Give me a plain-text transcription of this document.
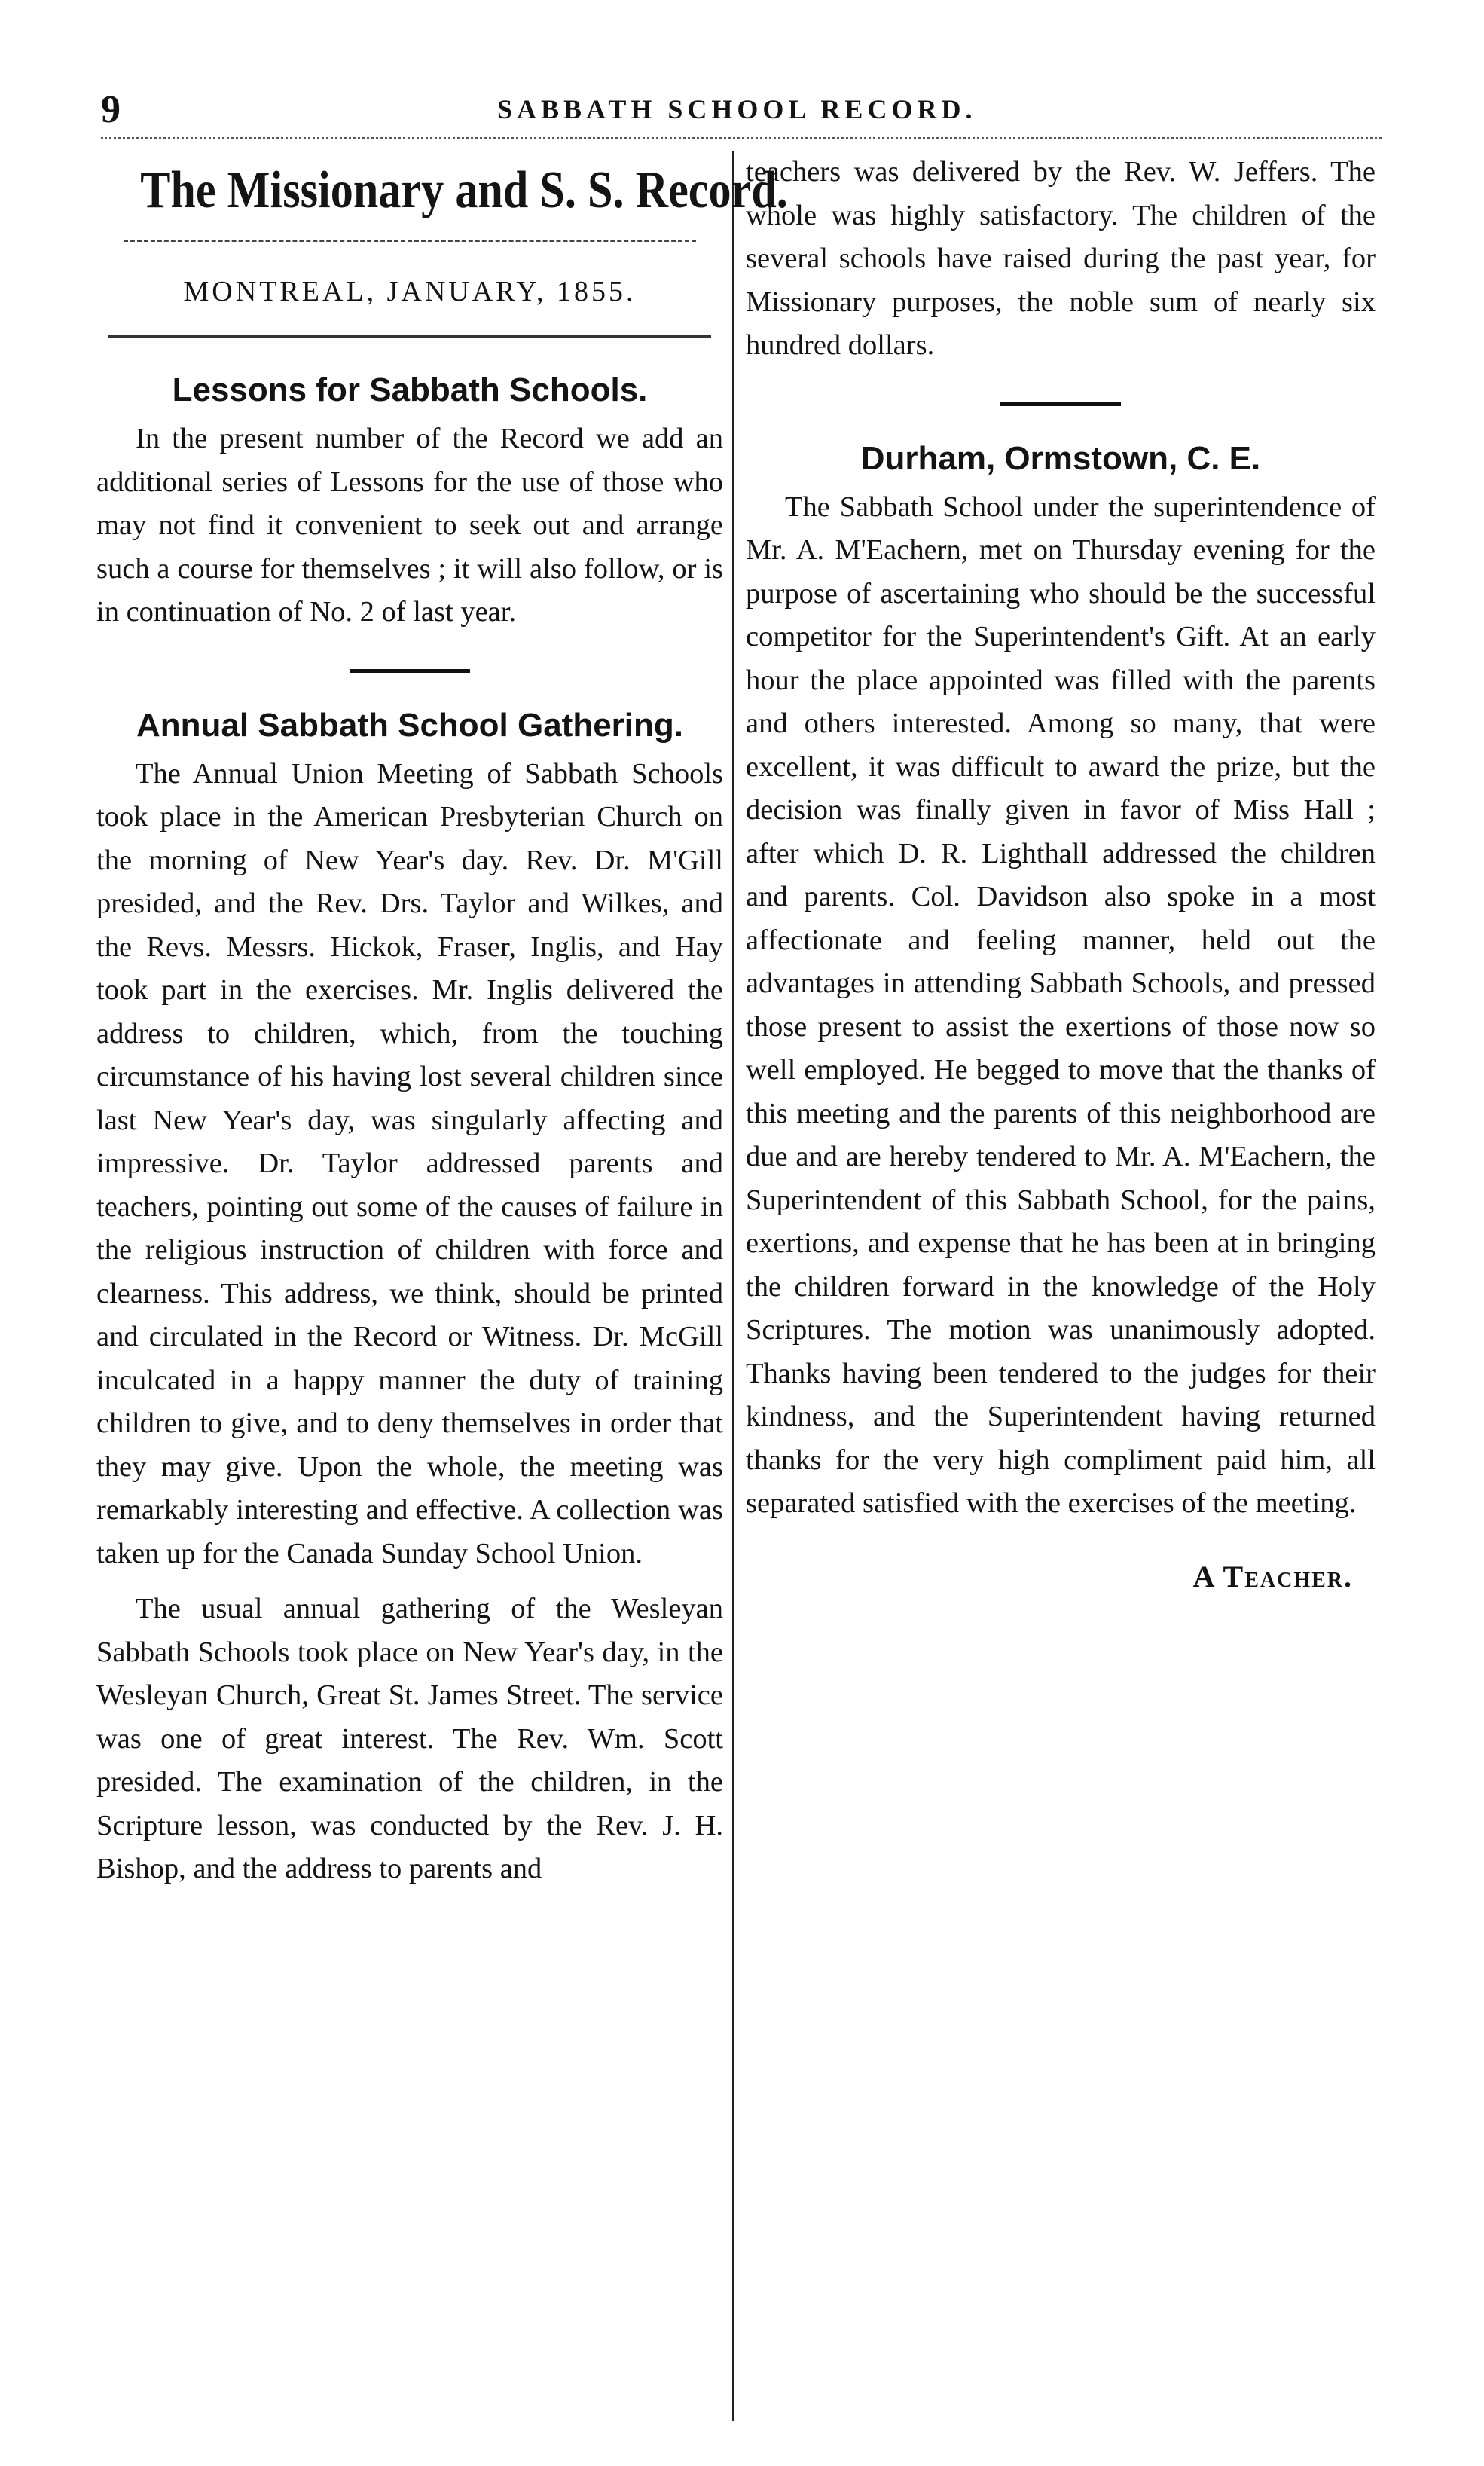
9	SABBATH SCHOOL RECORD.
The Missionary and S. S. Record.
MONTREAL, JANUARY, 1855.
Lessons for Sabbath Schools.

In the present number of the Record we add an additional series of Lessons for the use of those who may not find it convenient to seek out and arrange such a course for themselves ; it will also follow, or is in continuation of No. 2 of last year.

Annual Sabbath School Gathering.

The Annual Union Meeting of Sabbath Schools took place in the American Presbyterian Church on the morning of New Year's day. Rev. Dr. M'Gill presided, and the Rev. Drs. Taylor and Wilkes, and the Revs. Messrs. Hickok, Fraser, Inglis, and Hay took part in the exercises. Mr. Inglis delivered the address to children, which, from the touching circumstance of his having lost several children since last New Year's day, was singularly affecting and impressive. Dr. Taylor addressed parents and teachers, pointing out some of the causes of failure in the religious instruction of children with force and clearness. This address, we think, should be printed and circulated in the Record or Witness. Dr. McGill inculcated in a happy manner the duty of training children to give, and to deny themselves in order that they may give. Upon the whole, the meeting was remarkably interesting and effective. A collection was taken up for the Canada Sunday School Union.

The usual annual gathering of the Wesleyan Sabbath Schools took place on New Year's day, in the Wesleyan Church, Great St. James Street. The service was one of great interest. The Rev. Wm. Scott presided. The examination of the children, in the Scripture lesson, was conducted by the Rev. J. H. Bishop, and the address to parents and

teachers was delivered by the Rev. W. Jeffers. The whole was highly satisfactory. The children of the several schools have raised during the past year, for Missionary purposes, the noble sum of nearly six hundred dollars.

Durham, Ormstown, C. E.

The Sabbath School under the superintendence of Mr. A. M'Eachern, met on Thursday evening for the purpose of ascertaining who should be the successful competitor for the Superintendent's Gift. At an early hour the place appointed was filled with the parents and others interested. Among so many, that were excellent, it was difficult to award the prize, but the decision was finally given in favor of Miss Hall ; after which D. R. Lighthall addressed the children and parents. Col. Davidson also spoke in a most affectionate and feeling manner, held out the advantages in attending Sabbath Schools, and pressed those present to assist the exertions of those now so well employed. He begged to move that the thanks of this meeting and the parents of this neighborhood are due and are hereby tendered to Mr. A. M'Eachern, the Superintendent of this Sabbath School, for the pains, exertions, and expense that he has been at in bringing the children forward in the knowledge of the Holy Scriptures. The motion was unanimously adopted. Thanks having been tendered to the judges for their kindness, and the Superintendent having returned thanks for the very high compliment paid him, all separated satisfied with the exercises of the meeting.

A Teacher.
